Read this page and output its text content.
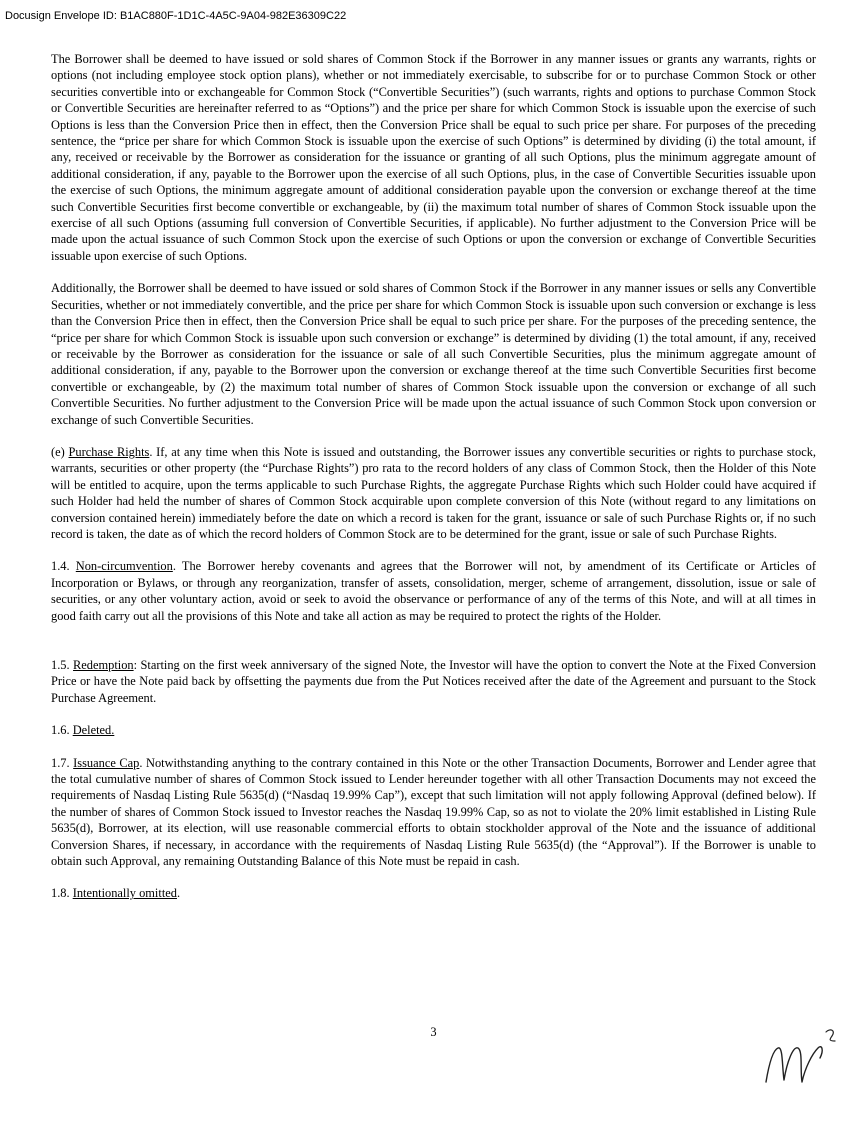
Docusign Envelope ID: B1AC880F-1D1C-4A5C-9A04-982E36309C22

The Borrower shall be deemed to have issued or sold shares of Common Stock if the Borrower in any manner issues or grants any warrants, rights or options (not including employee stock option plans), whether or not immediately exercisable, to subscribe for or to purchase Common Stock or other securities convertible into or exchangeable for Common Stock (“Convertible Securities”) (such warrants, rights and options to purchase Common Stock or Convertible Securities are hereinafter referred to as “Options”) and the price per share for which Common Stock is issuable upon the exercise of such Options is less than the Conversion Price then in effect, then the Conversion Price shall be equal to such price per share. For purposes of the preceding sentence, the “price per share for which Common Stock is issuable upon the exercise of such Options” is determined by dividing (i) the total amount, if any, received or receivable by the Borrower as consideration for the issuance or granting of all such Options, plus the minimum aggregate amount of additional consideration, if any, payable to the Borrower upon the exercise of all such Options, plus, in the case of Convertible Securities issuable upon the exercise of such Options, the minimum aggregate amount of additional consideration payable upon the conversion or exchange thereof at the time such Convertible Securities first become convertible or exchangeable, by (ii) the maximum total number of shares of Common Stock issuable upon the exercise of all such Options (assuming full conversion of Convertible Securities, if applicable). No further adjustment to the Conversion Price will be made upon the actual issuance of such Common Stock upon the exercise of such Options or upon the conversion or exchange of Convertible Securities issuable upon exercise of such Options.

Additionally, the Borrower shall be deemed to have issued or sold shares of Common Stock if the Borrower in any manner issues or sells any Convertible Securities, whether or not immediately convertible, and the price per share for which Common Stock is issuable upon such conversion or exchange is less than the Conversion Price then in effect, then the Conversion Price shall be equal to such price per share. For the purposes of the preceding sentence, the “price per share for which Common Stock is issuable upon such conversion or exchange” is determined by dividing (1) the total amount, if any, received or receivable by the Borrower as consideration for the issuance or sale of all such Convertible Securities, plus the minimum aggregate amount of additional consideration, if any, payable to the Borrower upon the conversion or exchange thereof at the time such Convertible Securities first become convertible or exchangeable, by (2) the maximum total number of shares of Common Stock issuable upon the conversion or exchange of all such Convertible Securities. No further adjustment to the Conversion Price will be made upon the actual issuance of such Common Stock upon conversion or exchange of such Convertible Securities.

(e) Purchase Rights. If, at any time when this Note is issued and outstanding, the Borrower issues any convertible securities or rights to purchase stock, warrants, securities or other property (the “Purchase Rights”) pro rata to the record holders of any class of Common Stock, then the Holder of this Note will be entitled to acquire, upon the terms applicable to such Purchase Rights, the aggregate Purchase Rights which such Holder could have acquired if such Holder had held the number of shares of Common Stock acquirable upon complete conversion of this Note (without regard to any limitations on conversion contained herein) immediately before the date on which a record is taken for the grant, issuance or sale of such Purchase Rights or, if no such record is taken, the date as of which the record holders of Common Stock are to be determined for the grant, issue or sale of such Purchase Rights.

1.4. Non-circumvention. The Borrower hereby covenants and agrees that the Borrower will not, by amendment of its Certificate or Articles of Incorporation or Bylaws, or through any reorganization, transfer of assets, consolidation, merger, scheme of arrangement, dissolution, issue or sale of securities, or any other voluntary action, avoid or seek to avoid the observance or performance of any of the terms of this Note, and will at all times in good faith carry out all the provisions of this Note and take all action as may be required to protect the rights of the Holder.

1.5. Redemption: Starting on the first week anniversary of the signed Note, the Investor will have the option to convert the Note at the Fixed Conversion Price or have the Note paid back by offsetting the payments due from the Put Notices received after the date of the Agreement and pursuant to the Stock Purchase Agreement.

1.6. Deleted.

1.7. Issuance Cap. Notwithstanding anything to the contrary contained in this Note or the other Transaction Documents, Borrower and Lender agree that the total cumulative number of shares of Common Stock issued to Lender hereunder together with all other Transaction Documents may not exceed the requirements of Nasdaq Listing Rule 5635(d) (“Nasdaq 19.99% Cap”), except that such limitation will not apply following Approval (defined below). If the number of shares of Common Stock issued to Investor reaches the Nasdaq 19.99% Cap, so as not to violate the 20% limit established in Listing Rule 5635(d), Borrower, at its election, will use reasonable commercial efforts to obtain stockholder approval of the Note and the issuance of additional Conversion Shares, if necessary, in accordance with the requirements of Nasdaq Listing Rule 5635(d) (the “Approval”). If the Borrower is unable to obtain such Approval, any remaining Outstanding Balance of this Note must be repaid in cash.

1.8. Intentionally omitted.

3
